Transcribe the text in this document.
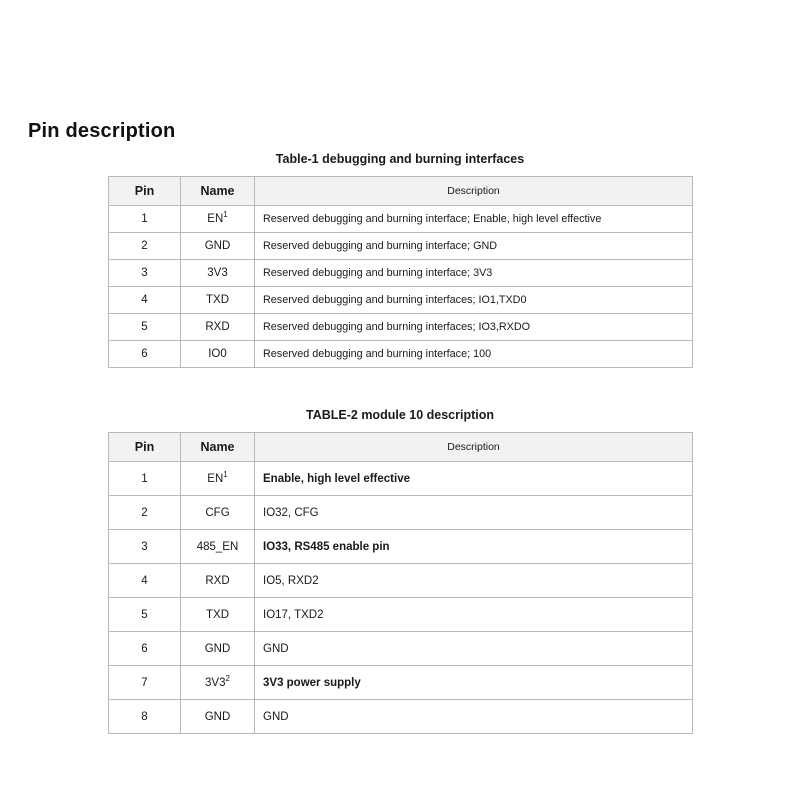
Pin description
Table-1 debugging and burning interfaces
Pin	Name	Description
1	$EN^1$	Reserved debugging and burning interface; Enable, high level effective
2	GND	Reserved debugging and burning interface; GND
3	3V3	Reserved debugging and burning interface; 3V3
4	TXD	Reserved debugging and burning interfaces; IO1,TXD0
5	RXD	Reserved debugging and burning interfaces; IO3,RXDO
6	IO0	Reserved debugging and burning interface; 100
TABLE-2 module 10 description
Pin	Name	Description
1	$EN^1$	Enable, high level effective
2	CFG	IO32, CFG
3	485_EN	IO33, RS485 enable pin
4	RXD	IO5, RXD2
5	TXD	IO17, TXD2
6	GND	GND
7	$3V3^2$	3V3 power supply
8	GND	GND
